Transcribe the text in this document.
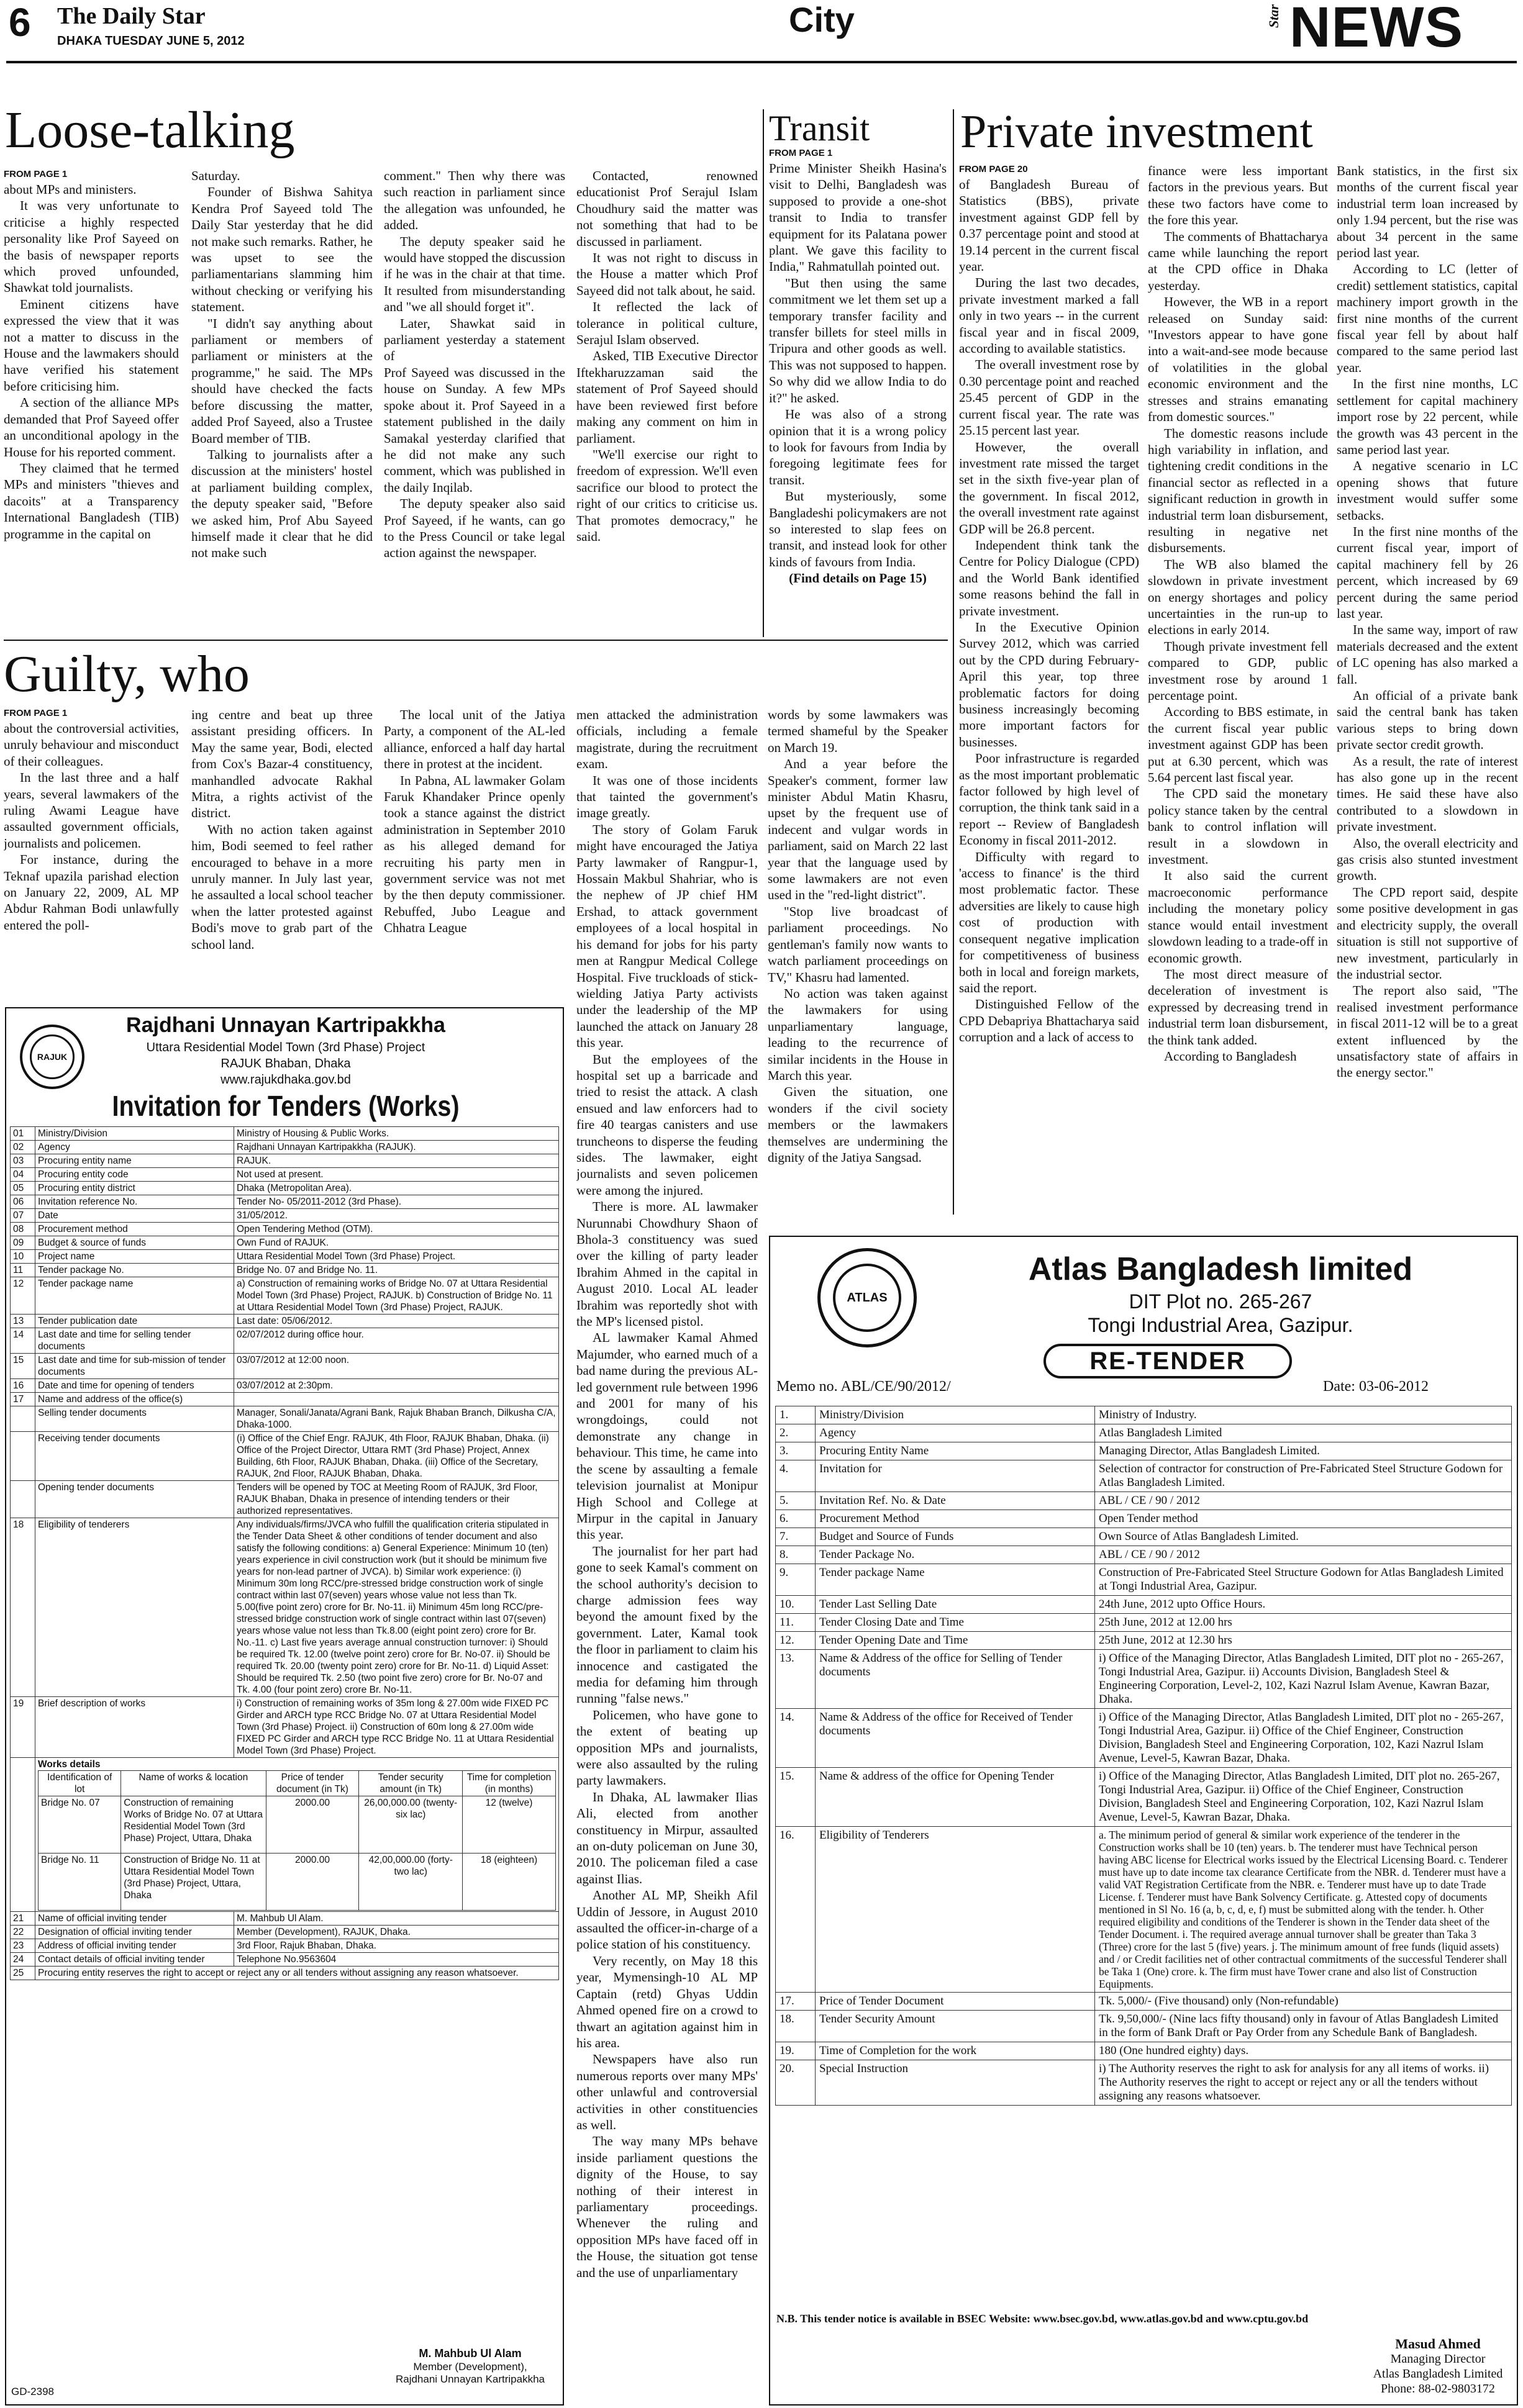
6 The Daily Star
DHAKA TUESDAY JUNE 5, 2012
City	Star NEWS
Loose-talking
FROM PAGE 1

about MPs and ministers.

It was very unfortunate to criticise a highly respected personality like Prof Sayeed on the basis of newspaper reports which proved unfounded, Shawkat told journalists.

Eminent citizens have expressed the view that it was not a matter to discuss in the House and the lawmakers should have verified his statement before criticising him.

A section of the alliance MPs demanded that Prof Sayeed offer an unconditional apology in the House for his reported comment.

They claimed that he termed MPs and ministers "thieves and dacoits" at a Transparency International Bangladesh (TIB) programme in the capital on

Saturday.

Founder of Bishwa Sahitya Kendra Prof Sayeed told The Daily Star yesterday that he did not make such remarks. Rather, he was upset to see the parliamentarians slamming him without checking or verifying his statement.

"I didn't say anything about parliament or members of parliament or ministers at the programme," he said. The MPs should have checked the facts before discussing the matter, added Prof Sayeed, also a Trustee Board member of TIB.

Talking to journalists after a discussion at the ministers' hostel at parliament building complex, the deputy speaker said, "Before we asked him, Prof Abu Sayeed himself made it clear that he did not make such

comment." Then why there was such reaction in parliament since the allegation was unfounded, he added.

The deputy speaker said he would have stopped the discussion if he was in the chair at that time. It resulted from misunderstanding and "we all should forget it".

Later, Shawkat said in parliament yesterday a statement of

Prof Sayeed was discussed in the house on Sunday. A few MPs spoke about it. Prof Sayeed in a statement published in the daily Samakal yesterday clarified that he did not make any such comment, which was published in the daily Inqilab.

The deputy speaker also said Prof Sayeed, if he wants, can go to the Press Council or take legal action against the newspaper.

Contacted, renowned educationist Prof Serajul Islam Choudhury said the matter was not something that had to be discussed in parliament.

It was not right to discuss in the House a matter which Prof Sayeed did not talk about, he said.

It reflected the lack of tolerance in political culture, Serajul Islam observed.

Asked, TIB Executive Director Iftekharuzzaman said the statement of Prof Sayeed should have been reviewed first before making any comment on him in parliament.

"We'll exercise our right to freedom of expression. We'll even sacrifice our blood to protect the right of our critics to criticise us. That promotes democracy," he said.

Transit
FROM PAGE 1

Prime Minister Sheikh Hasina's visit to Delhi, Bangladesh was supposed to provide a one-shot transit to India to transfer equipment for its Palatana power plant. We gave this facility to India," Rahmatullah pointed out.

"But then using the same commitment we let them set up a temporary transfer facility and transfer billets for steel mills in Tripura and other goods as well. This was not supposed to happen. So why did we allow India to do it?" he asked.

He was also of a strong opinion that it is a wrong policy to look for favours from India by foregoing legitimate fees for transit.

But mysteriously, some Bangladeshi policymakers are not so interested to slap fees on transit, and instead look for other kinds of favours from India.

(Find details on Page 15)

Private investment
FROM PAGE 20

of Bangladesh Bureau of Statistics (BBS), private investment against GDP fell by 0.37 percentage point and stood at 19.14 percent in the current fiscal year.

During the last two decades, private investment marked a fall only in two years -- in the current fiscal year and in fiscal 2009, according to available statistics.

The overall investment rose by 0.30 percentage point and reached 25.45 percent of GDP in the current fiscal year. The rate was 25.15 percent last year.

However, the overall investment rate missed the target set in the sixth five-year plan of the government. In fiscal 2012, the overall investment rate against GDP will be 26.8 percent.

Independent think tank the Centre for Policy Dialogue (CPD) and the World Bank identified some reasons behind the fall in private investment.

In the Executive Opinion Survey 2012, which was carried out by the CPD during February-April this year, top three problematic factors for doing business increasingly becoming more important factors for businesses.

Poor infrastructure is regarded as the most important problematic factor followed by high level of corruption, the think tank said in a report -- Review of Bangladesh Economy in fiscal 2011-2012.

Difficulty with regard to 'access to finance' is the third most problematic factor. These adversities are likely to cause high cost of production with consequent negative implication for competitiveness of business both in local and foreign markets, said the report.

Distinguished Fellow of the CPD Debapriya Bhattacharya said corruption and a lack of access to

finance were less important factors in the previous years. But these two factors have come to the fore this year.

The comments of Bhattacharya came while launching the report at the CPD office in Dhaka yesterday.

However, the WB in a report released on Sunday said: "Investors appear to have gone into a wait-and-see mode because of volatilities in the global economic environment and the stresses and strains emanating from domestic sources."

The domestic reasons include high variability in inflation, and tightening credit conditions in the financial sector as reflected in a significant reduction in growth in industrial term loan disbursement, resulting in negative net disbursements.

The WB also blamed the slowdown in private investment on energy shortages and policy uncertainties in the run-up to elections in early 2014.

Though private investment fell compared to GDP, public investment rose by around 1 percentage point.

According to BBS estimate, in the current fiscal year public investment against GDP has been put at 6.30 percent, which was 5.64 percent last fiscal year.

The CPD said the monetary policy stance taken by the central bank to control inflation will result in a slowdown in investment.

It also said the current macroeconomic performance including the monetary policy stance would entail investment slowdown leading to a trade-off in economic growth.

The most direct measure of deceleration of investment is expressed by decreasing trend in industrial term loan disbursement, the think tank added.

According to Bangladesh

Bank statistics, in the first six months of the current fiscal year industrial term loan increased by only 1.94 percent, but the rise was about 34 percent in the same period last year.

According to LC (letter of credit) settlement statistics, capital machinery import growth in the first nine months of the current fiscal year fell by about half compared to the same period last year.

In the first nine months, LC settlement for capital machinery import rose by 22 percent, while the growth was 43 percent in the same period last year.

A negative scenario in LC opening shows that future investment would suffer some setbacks.

In the first nine months of the current fiscal year, import of capital machinery fell by 26 percent, which increased by 69 percent during the same period last year.

In the same way, import of raw materials decreased and the extent of LC opening has also marked a fall.

An official of a private bank said the central bank has taken various steps to bring down private sector credit growth.

As a result, the rate of interest has also gone up in the recent times. He said these have also contributed to a slowdown in private investment.

Also, the overall electricity and gas crisis also stunted investment growth.

The CPD report said, despite some positive development in gas and electricity supply, the overall situation is still not supportive of new investment, particularly in the industrial sector.

The report also said, "The realised investment performance in fiscal 2011-12 will be to a great extent influenced by the unsatisfactory state of affairs in the energy sector."

Guilty, who
FROM PAGE 1

about the controversial activities, unruly behaviour and misconduct of their colleagues.

In the last three and a half years, several lawmakers of the ruling Awami League have assaulted government officials, journalists and policemen.

For instance, during the Teknaf upazila parishad election on January 22, 2009, AL MP Abdur Rahman Bodi unlawfully entered the poll-

ing centre and beat up three assistant presiding officers. In May the same year, Bodi, elected from Cox's Bazar-4 constituency, manhandled advocate Rakhal Mitra, a rights activist of the district.

With no action taken against him, Bodi seemed to feel rather encouraged to behave in a more unruly manner. In July last year, he assaulted a local school teacher when the latter protested against Bodi's move to grab part of the school land.

The local unit of the Jatiya Party, a component of the AL-led alliance, enforced a half day hartal there in protest at the incident.

In Pabna, AL lawmaker Golam Faruk Khandaker Prince openly took a stance against the district administration in September 2010 as his alleged demand for recruiting his party men in government service was not met by the then deputy commissioner. Rebuffed, Jubo League and Chhatra League

men attacked the administration officials, including a female magistrate, during the recruitment exam.

It was one of those incidents that tainted the government's image greatly.

The story of Golam Faruk might have encouraged the Jatiya Party lawmaker of Rangpur-1, Hossain Makbul Shahriar, who is the nephew of JP chief HM Ershad, to attack government employees of a local hospital in his demand for jobs for his party men at Rangpur Medical College Hospital. Five truckloads of stick-wielding Jatiya Party activists under the leadership of the MP launched the attack on January 28 this year.

But the employees of the hospital set up a barricade and tried to resist the attack. A clash ensued and law enforcers had to fire 40 teargas canisters and use truncheons to disperse the feuding sides. The lawmaker, eight journalists and seven policemen were among the injured.

There is more. AL lawmaker Nurunnabi Chowdhury Shaon of Bhola-3 constituency was sued over the killing of party leader Ibrahim Ahmed in the capital in August 2010. Local AL leader Ibrahim was reportedly shot with the MP's licensed pistol.

AL lawmaker Kamal Ahmed Majumder, who earned much of a bad name during the previous AL-led government rule between 1996 and 2001 for many of his wrongdoings, could not demonstrate any change in behaviour. This time, he came into the scene by assaulting a female television journalist at Monipur High School and College at Mirpur in the capital in January this year.

The journalist for her part had gone to seek Kamal's comment on the school authority's decision to charge admission fees way beyond the amount fixed by the government. Later, Kamal took the floor in parliament to claim his innocence and castigated the media for defaming him through running "false news."

Policemen, who have gone to the extent of beating up opposition MPs and journalists, were also assaulted by the ruling party lawmakers.

In Dhaka, AL lawmaker Ilias Ali, elected from another constituency in Mirpur, assaulted an on-duty policeman on June 30, 2010. The policeman filed a case against Ilias.

Another AL MP, Sheikh Afil Uddin of Jessore, in August 2010 assaulted the officer-in-charge of a police station of his constituency.

Very recently, on May 18 this year, Mymensingh-10 AL MP Captain (retd) Ghyas Uddin Ahmed opened fire on a crowd to thwart an agitation against him in his area.

Newspapers have also run numerous reports over many MPs' other unlawful and controversial activities in other constituencies as well.

The way many MPs behave inside parliament questions the dignity of the House, to say nothing of their interest in parliamentary proceedings. Whenever the ruling and opposition MPs have faced off in the House, the situation got tense and the use of unparliamentary

words by some lawmakers was termed shameful by the Speaker on March 19.

And a year before the Speaker's comment, former law minister Abdul Matin Khasru, upset by the frequent use of indecent and vulgar words in parliament, said on March 22 last year that the language used by some lawmakers are not even used in the "red-light district".

"Stop live broadcast of parliament proceedings. No gentleman's family now wants to watch parliament proceedings on TV," Khasru had lamented.

No action was taken against the lawmakers for using unparliamentary language, leading to the recurrence of similar incidents in the House in March this year.

Given the situation, one wonders if the civil society members or the lawmakers themselves are undermining the dignity of the Jatiya Sangsad.

RAJUK
Rajdhani Unnayan Kartripakkha
Uttara Residential Model Town (3rd Phase) Project
RAJUK Bhaban, Dhaka
www.rajukdhaka.gov.bd
Invitation for Tenders (Works)
01	Ministry/Division	Ministry of Housing & Public Works.
02	Agency	Rajdhani Unnayan Kartripakkha (RAJUK).
03	Procuring entity name	RAJUK.
04	Procuring entity code	Not used at present.
05	Procuring entity district	Dhaka (Metropolitan Area).
06	Invitation reference No.	Tender No- 05/2011-2012 (3rd Phase).
07	Date	31/05/2012.
08	Procurement method	Open Tendering Method (OTM).
09	Budget & source of funds	Own Fund of RAJUK.
10	Project name	Uttara Residential Model Town (3rd Phase) Project.
11	Tender package No.	Bridge No. 07 and Bridge No. 11.
12	Tender package name	a) Construction of remaining works of Bridge No. 07 at Uttara Residential Model Town (3rd Phase) Project, RAJUK. b) Construction of Bridge No. 11 at Uttara Residential Model Town (3rd Phase) Project, RAJUK.
13	Tender publication date	Last date: 05/06/2012.
14	Last date and time for selling tender documents	02/07/2012 during office hour.
15	Last date and time for sub-mission of tender documents	03/07/2012 at 12:00 noon.
16	Date and time for opening of tenders	03/07/2012 at 2:30pm.
17	Name and address of the office(s)	
	Selling tender documents	Manager, Sonali/Janata/Agrani Bank, Rajuk Bhaban Branch, Dilkusha C/A, Dhaka-1000.
	Receiving tender documents	(i) Office of the Chief Engr. RAJUK, 4th Floor, RAJUK Bhaban, Dhaka. (ii) Office of the Project Director, Uttara RMT (3rd Phase) Project, Annex Building, 6th Floor, RAJUK Bhaban, Dhaka. (iii) Office of the Secretary, RAJUK, 2nd Floor, RAJUK Bhaban, Dhaka.
	Opening tender documents	Tenders will be opened by TOC at Meeting Room of RAJUK, 3rd Floor, RAJUK Bhaban, Dhaka in presence of intending tenders or their authorized representatives.
18	Eligibility of tenderers	Any individuals/firms/JVCA who fulfill the qualification criteria stipulated in the Tender Data Sheet & other conditions of tender document and also satisfy the following conditions: a) General Experience: Minimum 10 (ten) years experience in civil construction work (but it should be minimum five years for non-lead partner of JVCA). b) Similar work experience: (i) Minimum 30m long RCC/pre-stressed bridge construction work of single contract within last 07(seven) years whose value not less than Tk. 5.00(five point zero) crore for Br. No-11. ii) Minimum 45m long RCC/pre-stressed bridge construction work of single contract within last 07(seven) years whose value not less than Tk.8.00 (eight point zero) crore for Br. No.-11. c) Last five years average annual construction turnover: i) Should be required Tk. 12.00 (twelve point zero) crore for Br. No-07. ii) Should be required Tk. 20.00 (twenty point zero) crore for Br. No-11. d) Liquid Asset: Should be required Tk. 2.50 (two point five zero) crore for Br. No-07 and Tk. 4.00 (four point zero) crore Br. No-11.
19	Brief description of works	i) Construction of remaining works of 35m long & 27.00m wide FIXED PC Girder and ARCH type RCC Bridge No. 07 at Uttara Residential Model Town (3rd Phase) Project. ii) Construction of 60m long & 27.00m wide FIXED PC Girder and ARCH type RCC Bridge No. 11 at Uttara Residential Model Town (3rd Phase) Project.

Works details
Identification of lot	Name of works & location	Price of tender document (in Tk)	Tender security amount (in Tk)	Time for completion (in months)
Bridge No. 07	Construction of remaining Works of Bridge No. 07 at Uttara Residential Model Town (3rd Phase) Project, Uttara, Dhaka	2000.00	26,00,000.00 (twenty-six lac)	12 (twelve)
Bridge No. 11	Construction of Bridge No. 11 at Uttara Residential Model Town (3rd Phase) Project, Uttara, Dhaka	2000.00	42,00,000.00 (forty-two lac)	18 (eighteen)

21	Name of official inviting tender	M. Mahbub Ul Alam.
22	Designation of official inviting tender	Member (Development), RAJUK, Dhaka.
23	Address of official inviting tender	3rd Floor, Rajuk Bhaban, Dhaka.
24	Contact details of official inviting tender	Telephone No.9563604
25	Procuring entity reserves the right to accept or reject any or all tenders without assigning any reason whatsoever.
M. Mahbub Ul Alam
Member (Development),
Rajdhani Unnayan Kartripakkha
GD-2398
ATLAS
Atlas Bangladesh limited
DIT Plot no. 265-267
Tongi Industrial Area, Gazipur.
RE-TENDER
Memo no. ABL/CE/90/2012/	Date: 03-06-2012
1.	Ministry/Division	Ministry of Industry.
2.	Agency	Atlas Bangladesh Limited
3.	Procuring Entity Name	Managing Director, Atlas Bangladesh Limited.
4.	Invitation for	Selection of contractor for construction of Pre-Fabricated Steel Structure Godown for Atlas Bangladesh Limited.
5.	Invitation Ref. No. & Date	ABL / CE / 90 / 2012
6.	Procurement Method	Open Tender method
7.	Budget and Source of Funds	Own Source of Atlas Bangladesh Limited.
8.	Tender Package No.	ABL / CE / 90 / 2012
9.	Tender package Name	Construction of Pre-Fabricated Steel Structure Godown for Atlas Bangladesh Limited at Tongi Industrial Area, Gazipur.
10.	Tender Last Selling Date	24th June, 2012 upto Office Hours.
11.	Tender Closing Date and Time	25th June, 2012 at 12.00 hrs
12.	Tender Opening Date and Time	25th June, 2012 at 12.30 hrs
13.	Name & Address of the office for Selling of Tender documents	i) Office of the Managing Director, Atlas Bangladesh Limited, DIT plot no - 265-267, Tongi Industrial Area, Gazipur. ii) Accounts Division, Bangladesh Steel & Engineering Corporation, Level-2, 102, Kazi Nazrul Islam Avenue, Kawran Bazar, Dhaka.
14.	Name & Address of the office for Received of Tender documents	i) Office of the Managing Director, Atlas Bangladesh Limited, DIT plot no - 265-267, Tongi Industrial Area, Gazipur. ii) Office of the Chief Engineer, Construction Division, Bangladesh Steel and Engineering Corporation, 102, Kazi Nazrul Islam Avenue, Level-5, Kawran Bazar, Dhaka.
15.	Name & address of the office for Opening Tender	i) Office of the Managing Director, Atlas Bangladesh Limited, DIT plot no. 265-267, Tongi Industrial Area, Gazipur. ii) Office of the Chief Engineer, Construction Division, Bangladesh Steel and Engineering Corporation, 102, Kazi Nazrul Islam Avenue, Level-5, Kawran Bazar, Dhaka.
16.	Eligibility of Tenderers	a. The minimum period of general & similar work experience of the tenderer in the Construction works shall be 10 (ten) years. b. The tenderer must have Technical person having ABC license for Electrical works issued by the Electrical Licensing Board. c. Tenderer must have up to date income tax clearance Certificate from the NBR. d. Tenderer must have a valid VAT Registration Certificate from the NBR. e. Tenderer must have up to date Trade License. f. Tenderer must have Bank Solvency Certificate. g. Attested copy of documents mentioned in Sl No. 16 (a, b, c, d, e, f) must be submitted along with the tender. h. Other required eligibility and conditions of the Tenderer is shown in the Tender data sheet of the Tender Document. i. The required average annual turnover shall be greater than Taka 3 (Three) crore for the last 5 (five) years. j. The minimum amount of free funds (liquid assets) and / or Credit facilities net of other contractual commitments of the successful Tenderer shall be Taka 1 (One) crore. k. The firm must have Tower crane and also list of Construction Equipments.
17.	Price of Tender Document	Tk. 5,000/- (Five thousand) only (Non-refundable)
18.	Tender Security Amount	Tk. 9,50,000/- (Nine lacs fifty thousand) only in favour of Atlas Bangladesh Limited in the form of Bank Draft or Pay Order from any Schedule Bank of Bangladesh.
19.	Time of Completion for the work	180 (One hundred eighty) days.
20.	Special Instruction	i) The Authority reserves the right to ask for analysis for any all items of works. ii) The Authority reserves the right to accept or reject any or all the tenders without assigning any reasons whatsoever.
N.B. This tender notice is available in BSEC Website: www.bsec.gov.bd, www.atlas.gov.bd and www.cptu.gov.bd
Masud Ahmed
Managing Director
Atlas Bangladesh Limited
Phone: 88-02-9803172
